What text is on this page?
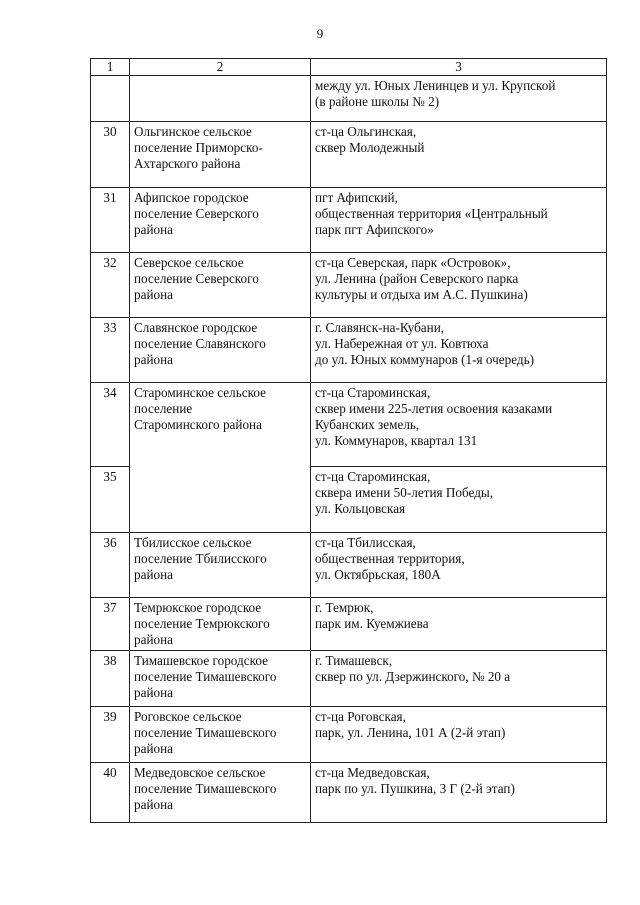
9
1	2	3
		между ул. Юных Ленинцев и ул. Крупской
(в районе школы № 2)
30	Ольгинское сельское
поселение Приморско-
Ахтарского района	ст-ца Ольгинская,
сквер Молодежный
31	Афипское городское
поселение Северского
района	пгт Афипский,
общественная территория «Центральный
парк пгт Афипского»
32	Северское сельское
поселение Северского
района	ст-ца Северская, парк «Островок»,
ул. Ленина (район Северского парка
культуры и отдыха им А.С. Пушкина)
33	Славянское городское
поселение Славянского
района	г. Славянск-на-Кубани,
ул. Набережная от ул. Ковтюха
до ул. Юных коммунаров (1-я очередь)
34	Староминское сельское
поселение
Староминского района	ст-ца Староминская,
сквер имени 225-летия освоения казаками
Кубанских земель,
ул. Коммунаров, квартал 131
35		ст-ца Староминская,
сквера имени 50-летия Победы,
ул. Кольцовская
36	Тбилисское сельское
поселение Тбилисского
района	ст-ца Тбилисская,
общественная территория,
ул. Октябрьская, 180А
37	Темрюкское городское
поселение Темрюкского
района	г. Темрюк,
парк им. Куемжиева
38	Тимашевское городское
поселение Тимашевского
района	г. Тимашевск,
сквер по ул. Дзержинского, № 20 а
39	Роговское сельское
поселение Тимашевского
района	ст-ца Роговская,
парк, ул. Ленина, 101 А (2-й этап)
40	Медведовское сельское
поселение Тимашевского
района	ст-ца Медведовская,
парк по ул. Пушкина, 3 Г (2-й этап)
